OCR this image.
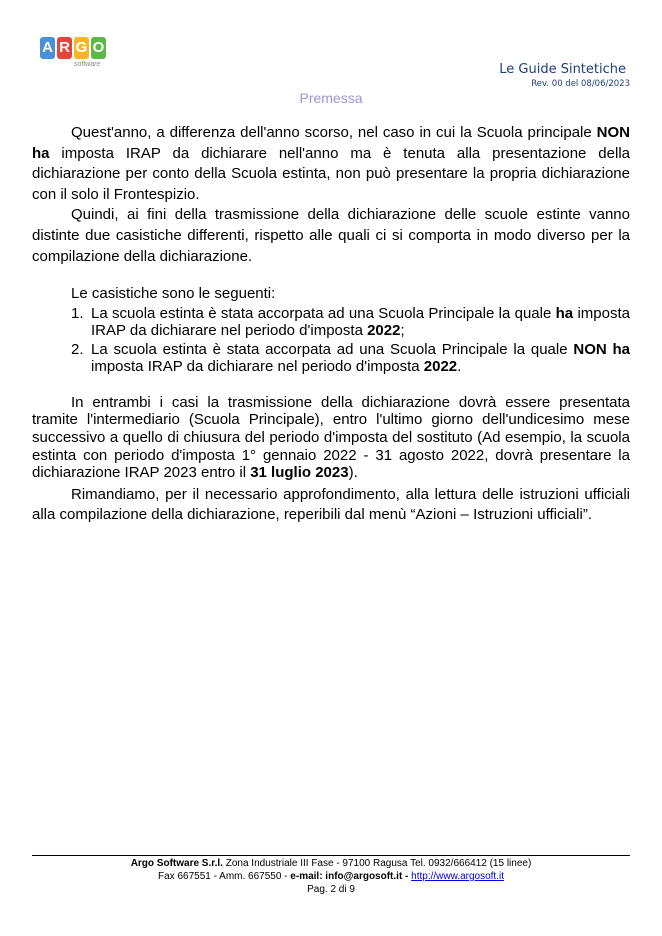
A R G O
software	Le Guide Sintetiche
Rev. 00 del 08/06/2023
Premessa

Quest'anno, a differenza dell'anno scorso, nel caso in cui la Scuola principale NON ha imposta IRAP da dichiarare nell'anno ma è tenuta alla presentazione della dichiarazione per conto della Scuola estinta, non può presentare la propria dichiarazione con il solo il Frontespizio.

Quindi, ai fini della trasmissione della dichiarazione delle scuole estinte vanno distinte due casistiche differenti, rispetto alle quali ci si comporta in modo diverso per la compilazione della dichiarazione.

Le casistiche sono le seguenti:

1. La scuola estinta è stata accorpata ad una Scuola Principale la quale ha imposta IRAP da dichiarare nel periodo d'imposta 2022;
2. La scuola estinta è stata accorpata ad una Scuola Principale la quale NON ha imposta IRAP da dichiarare nel periodo d'imposta 2022.

In entrambi i casi la trasmissione della dichiarazione dovrà essere presentata tramite l'intermediario (Scuola Principale), entro l'ultimo giorno dell'undicesimo mese successivo a quello di chiusura del periodo d'imposta del sostituto (Ad esempio, la scuola estinta con periodo d'imposta 1° gennaio 2022 - 31 agosto 2022, dovrà presentare la dichiarazione IRAP 2023 entro il 31 luglio 2023).

Rimandiamo, per il necessario approfondimento, alla lettura delle istruzioni ufficiali alla compilazione della dichiarazione, reperibili dal menù “Azioni – Istruzioni ufficiali”.

Argo Software S.r.l. Zona Industriale III Fase - 97100 Ragusa Tel. 0932/666412 (15 linee)
Fax 667551 - Amm. 667550 - e-mail: info@argosoft.it - http://www.argosoft.it
Pag. 2 di 9
